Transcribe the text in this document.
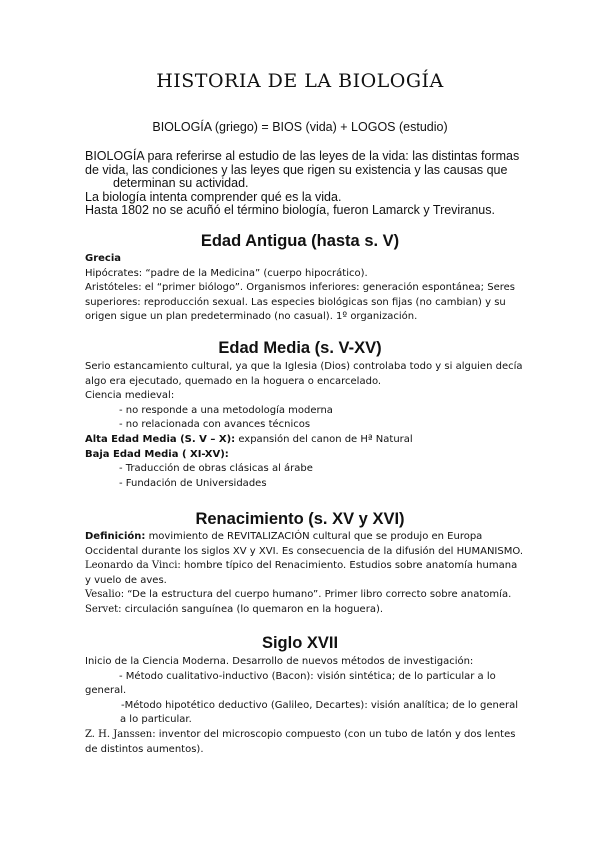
HISTORIA DE LA BIOLOGÍA
BIOLOGÍA (griego) = BIOS (vida) + LOGOS (estudio)
BIOLOGÍA para referirse al estudio de las leyes de la vida: las distintas formas
de vida, las condiciones y las leyes que rigen su existencia y las causas que
determinan su actividad.
La biología intenta comprender qué es la vida.
Hasta 1802 no se acuñó el término biología, fueron Lamarck y Treviranus.
Edad Antigua (hasta s. V)
Grecia
Hipócrates: “padre de la Medicina” (cuerpo hipocrático).
Aristóteles: el “primer biólogo”. Organismos inferiores: generación espontánea; Seres
superiores: reproducción sexual. Las especies biológicas son fijas (no cambian) y su
origen sigue un plan predeterminado (no casual). 1º organización.
Edad Media (s. V-XV)
Serio estancamiento cultural, ya que la Iglesia (Dios) controlaba todo y si alguien decía
algo era ejecutado, quemado en la hoguera o encarcelado.
Ciencia medieval:
- no responde a una metodología moderna
- no relacionada con avances técnicos
Alta Edad Media (S. V – X): expansión del canon de Hª Natural
Baja Edad Media ( XI-XV):
- Traducción de obras clásicas al árabe
- Fundación de Universidades
Renacimiento (s. XV y XVI)
Definición: movimiento de REVITALIZACIÓN cultural que se produjo en Europa
Occidental durante los siglos XV y XVI. Es consecuencia de la difusión del HUMANISMO.
Leonardo da Vinci: hombre típico del Renacimiento. Estudios sobre anatomía humana
y vuelo de aves.
Vesalio: “De la estructura del cuerpo humano”. Primer libro correcto sobre anatomía.
Servet: circulación sanguínea (lo quemaron en la hoguera).
Siglo XVII
Inicio de la Ciencia Moderna. Desarrollo de nuevos métodos de investigación:
- Método cualitativo-inductivo (Bacon): visión sintética; de lo particular a lo
general.
-Método hipotético deductivo (Galileo, Decartes): visión analítica; de lo general
a lo particular.
Z. H. Janssen: inventor del microscopio compuesto (con un tubo de latón y dos lentes
de distintos aumentos).
